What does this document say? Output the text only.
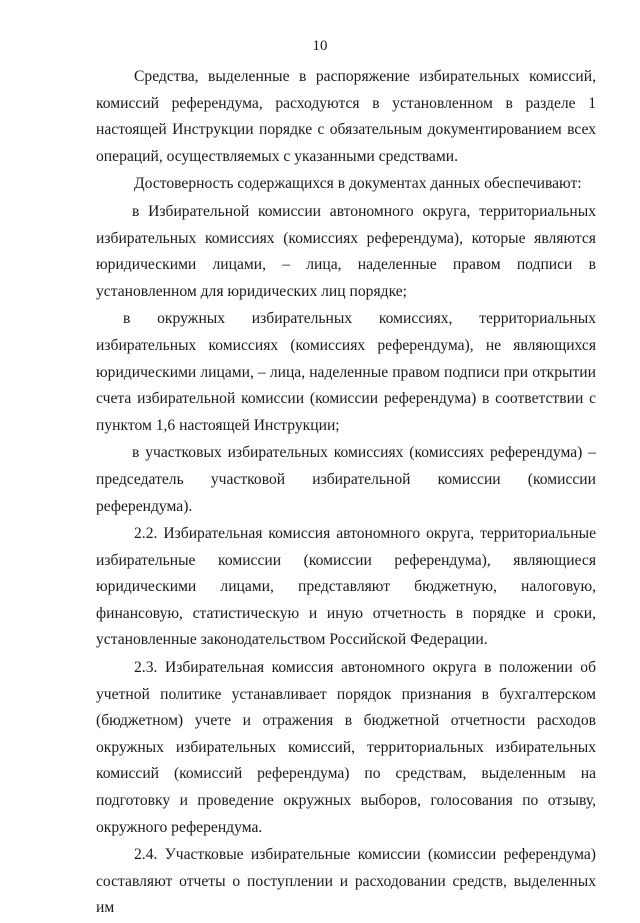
10

Средства, выделенные в распоряжение избирательных комиссий, комиссий референдума, расходуются в установленном в разделе 1 настоящей Инструкции порядке с обязательным документированием всех операций, осуществляемых с указанными средствами.

Достоверность содержащихся в документах данных обеспечивают:

в Избирательной комиссии автономного округа, территориальных избирательных комиссиях (комиссиях референдума), которые являются юридическими лицами, – лица, наделенные правом подписи в установленном для юридических лиц порядке;

в окружных избирательных комиссиях, территориальных избирательных комиссиях (комиссиях референдума), не являющихся юридическими лицами, – лица, наделенные правом подписи при открытии счета избирательной комиссии (комиссии референдума) в соответствии с пунктом 1,6 настоящей Инструкции;

в участковых избирательных комиссиях (комиссиях референдума) – председатель участковой избирательной комиссии (комиссии референдума).

2.2. Избирательная комиссия автономного округа, территориальные избирательные комиссии (комиссии референдума), являющиеся юридическими лицами, представляют бюджетную, налоговую, финансовую, статистическую и иную отчетность в порядке и сроки, установленные законодательством Российской Федерации.

2.3. Избирательная комиссия автономного округа в положении об учетной политике устанавливает порядок признания в бухгалтерском (бюджетном) учете и отражения в бюджетной отчетности расходов окружных избирательных комиссий, территориальных избирательных комиссий (комиссий референдума) по средствам, выделенным на подготовку и проведение окружных выборов, голосования по отзыву, окружного референдума.

2.4. Участковые избирательные комиссии (комиссии референдума) составляют отчеты о поступлении и расходовании средств, выделенных им
